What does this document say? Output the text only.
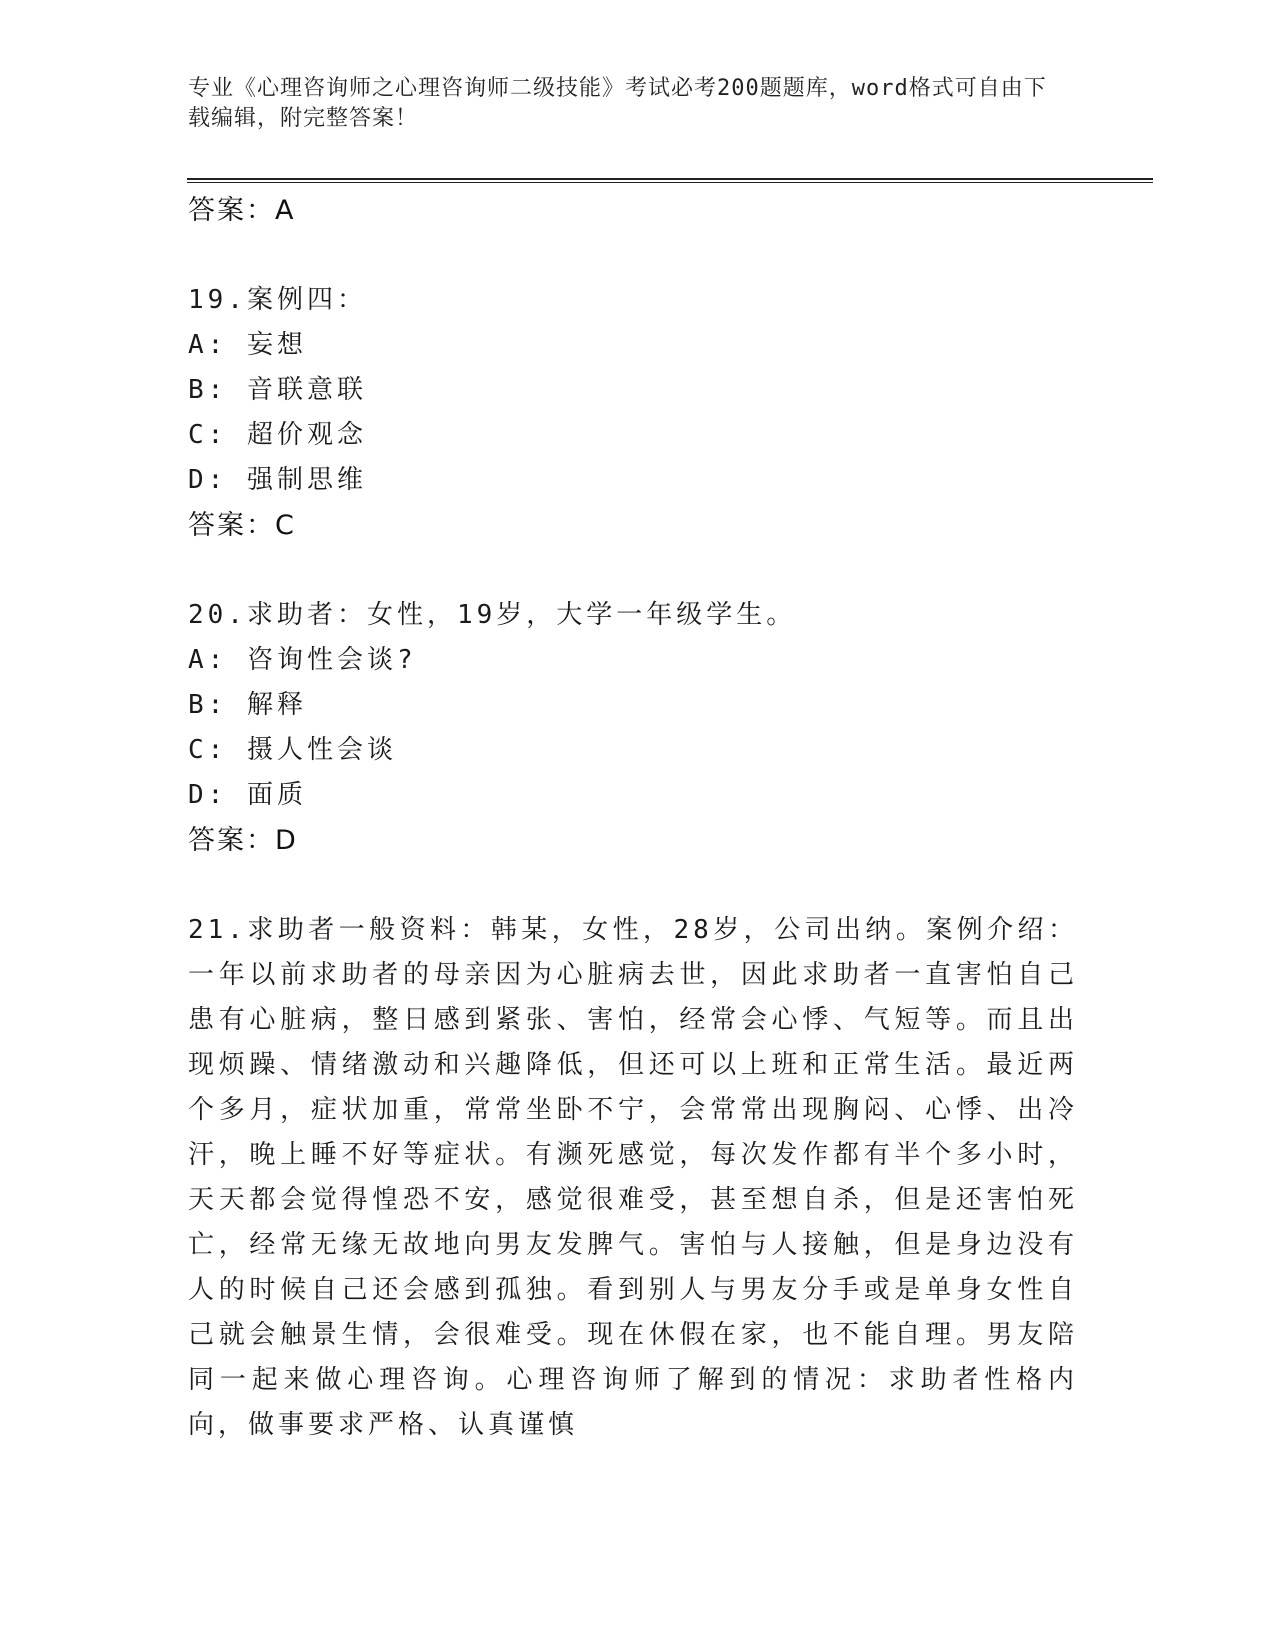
专业《心理咨询师之心理咨询师二级技能》考试必考200题题库，word格式可自由下载编辑，附完整答案！
答案：A
19.案例四：
A: 妄想
B: 音联意联
C: 超价观念
D: 强制思维
答案：C
20.求助者：女性，19岁，大学一年级学生。
A: 咨询性会谈?
B: 解释
C: 摄人性会谈
D: 面质
答案：D
21.求助者一般资料：韩某，女性，28岁，公司出纳。案例介绍：一年以前求助者的母亲因为心脏病去世，因此求助者一直害怕自己患有心脏病，整日感到紧张、害怕，经常会心悸、气短等。而且出现烦躁、情绪激动和兴趣降低，但还可以上班和正常生活。最近两个多月，症状加重，常常坐卧不宁，会常常出现胸闷、心悸、出冷汗，晚上睡不好等症状。有濒死感觉，每次发作都有半个多小时，天天都会觉得惶恐不安，感觉很难受，甚至想自杀，但是还害怕死亡，经常无缘无故地向男友发脾气。害怕与人接触，但是身边没有人的时候自己还会感到孤独。看到别人与男友分手或是单身女性自己就会触景生情，会很难受。现在休假在家，也不能自理。男友陪同一起来做心理咨询。心理咨询师了解到的情况：求助者性格内向，做事要求严格、认真谨慎
